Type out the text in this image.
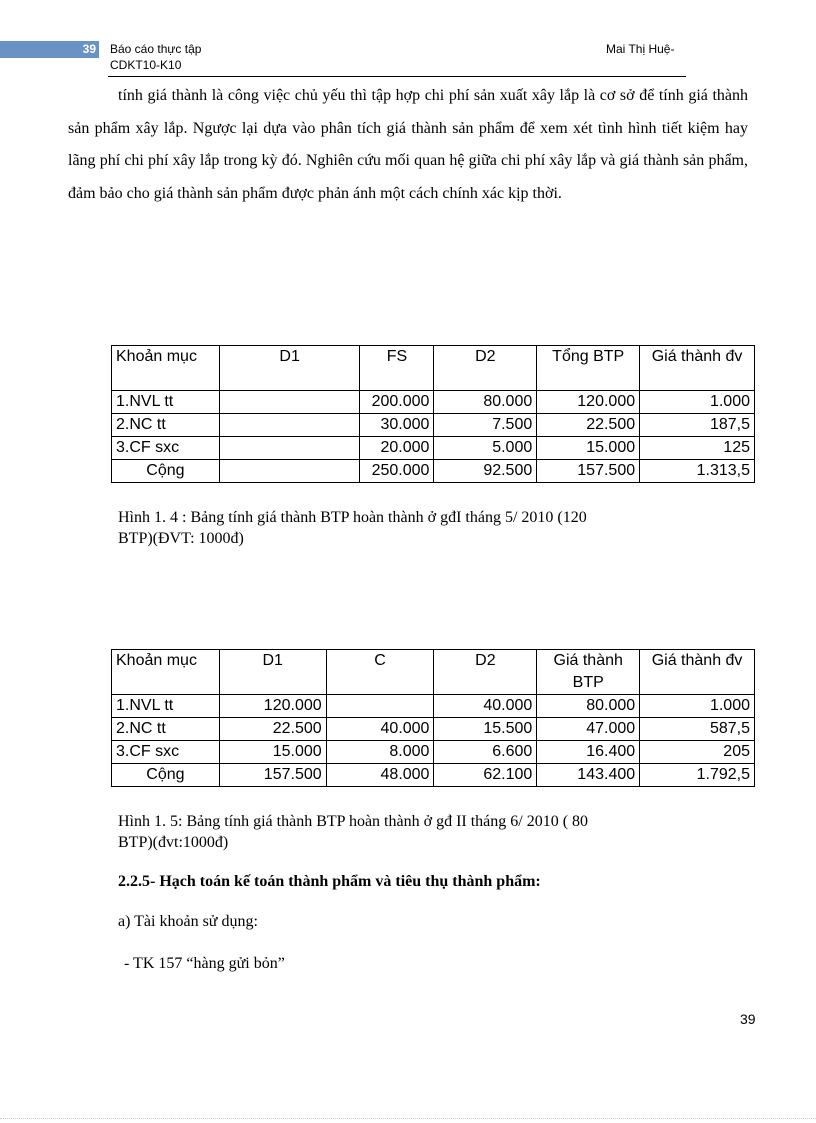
39 Báo cáo thực tập
CDKT10-K10
Mai Thị Huệ-

tính giá thành là công việc chủ yếu thì tập hợp chi phí sản xuất xây lắp là cơ sở để tính giá thành sản phẩm xây lắp. Ngược lại dựa vào phân tích giá thành sản phẩm để xem xét tình hình tiết kiệm hay lãng phí chi phí xây lắp trong kỳ đó. Nghiên cứu mối quan hệ giữa chi phí xây lắp và giá thành sản phẩm, đảm bảo cho giá thành sản phẩm được phản ánh một cách chính xác kịp thời.

Khoản mục	D1	FS	D2	Tổng BTP	Giá thành đv
1.NVL tt		200.000	80.000	120.000	1.000
2.NC tt		30.000	7.500	22.500	187,5
3.CF sxc		20.000	5.000	15.000	125
Cộng		250.000	92.500	157.500	1.313,5

Hình 1. 4 : Bảng tính giá thành BTP hoàn thành ở gđI tháng 5/ 2010 (120
BTP)(ĐVT: 1000đ)

Khoản mục	D1	C	D2	Giá thành BTP	Giá thành đv
1.NVL tt	120.000		40.000	80.000	1.000
2.NC tt	22.500	40.000	15.500	47.000	587,5
3.CF sxc	15.000	8.000	6.600	16.400	205
Cộng	157.500	48.000	62.100	143.400	1.792,5

Hình 1. 5: Bảng tính giá thành BTP hoàn thành ở gđ II tháng 6/ 2010 ( 80
BTP)(đvt:1000đ)

2.2.5- Hạch toán kế toán thành phẩm và tiêu thụ thành phẩm:

a) Tài khoản sử dụng:

- TK 157 “hàng gửi bỏn”

39
